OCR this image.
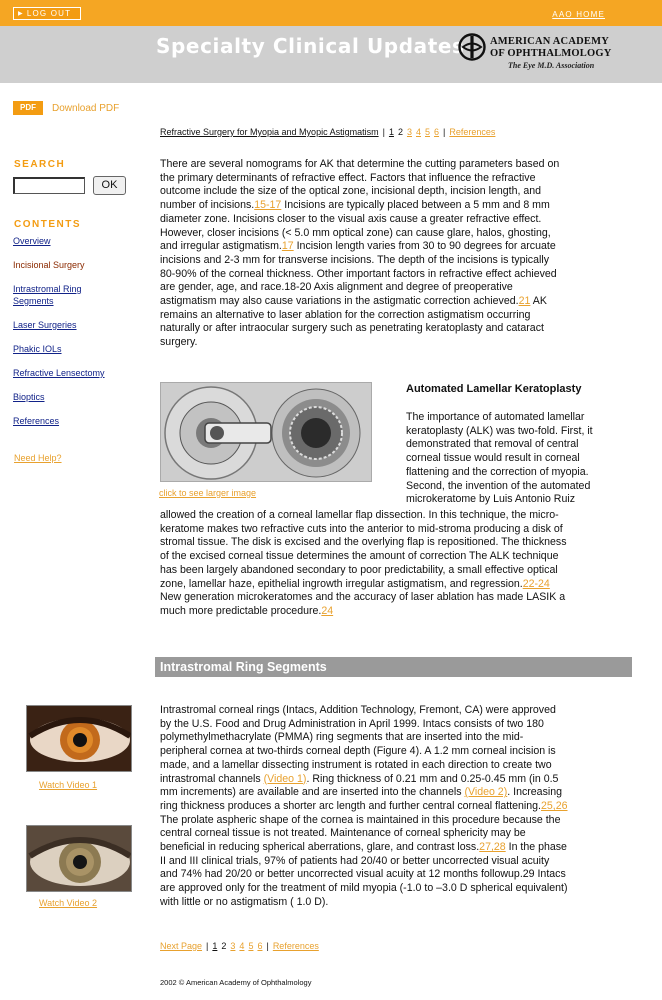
▶ LOG OUT	AAO HOME
Specialty Clinical Updates AMERICAN ACADEMY
OF OPHTHALMOLOGY
The Eye M.D. Association
PDF	Download PDF
SEARCH
OK
CONTENTS
Overview
Incisional Surgery
Intrastromal Ring Segments
Laser Surgeries
Phakic IOLs
Refractive Lensectomy
Bioptics
References
Need Help?
Refractive Surgery for Myopia and Myopic Astigmatism | 1 2 3 4 5 6 | References
There are several nomograms for AK that determine the cutting parameters based on
the primary determinants of refractive effect. Factors that influence the refractive
outcome include the size of the optical zone, incisional depth, incision length, and
number of incisions.15-17 Incisions are typically placed between a 5 mm and 8 mm
diameter zone. Incisions closer to the visual axis cause a greater refractive effect.
However, closer incisions (< 5.0 mm optical zone) can cause glare, halos, ghosting,
and irregular astigmatism.17 Incision length varies from 30 to 90 degrees for arcuate
incisions and 2-3 mm for transverse incisions. The depth of the incisions is typically
80-90% of the corneal thickness. Other important factors in refractive effect achieved
are gender, age, and race.18-20 Axis alignment and degree of preoperative
astigmatism may also cause variations in the astigmatic correction achieved.21 AK
remains an alternative to laser ablation for the correction astigmatism occurring
naturally or after intraocular surgery such as penetrating keratoplasty and cataract
surgery.
click to see larger image
Automated Lamellar Keratoplasty
The importance of automated lamellar
keratoplasty (ALK) was two-fold. First, it
demonstrated that removal of central
corneal tissue would result in corneal
flattening and the correction of myopia.
Second, the invention of the automated
microkeratome by Luis Antonio Ruiz
allowed the creation of a corneal lamellar flap dissection. In this technique, the micro-
keratome makes two refractive cuts into the anterior to mid-stroma producing a disk of
stromal tissue. The disk is excised and the overlying flap is repositioned. The thickness
of the excised corneal tissue determines the amount of correction The ALK technique
has been largely abandoned secondary to poor predictability, a small effective optical
zone, lamellar haze, epithelial ingrowth irregular astigmatism, and regression.22-24
New generation microkeratomes and the accuracy of laser ablation has made LASIK a
much more predictable procedure.24
Intrastromal Ring Segments
Watch Video 1
Watch Video 2
Intrastromal corneal rings (Intacs, Addition Technology, Fremont, CA) were approved
by the U.S. Food and Drug Administration in April 1999. Intacs consists of two 180
polymethylmethacrylate (PMMA) ring segments that are inserted into the mid-
peripheral cornea at two-thirds corneal depth (Figure 4). A 1.2 mm corneal incision is
made, and a lamellar dissecting instrument is rotated in each direction to create two
intrastromal channels (Video 1). Ring thickness of 0.21 mm and 0.25-0.45 mm (in 0.5
mm increments) are available and are inserted into the channels (Video 2). Increasing
ring thickness produces a shorter arc length and further central corneal flattening.25,26
The prolate aspheric shape of the cornea is maintained in this procedure because the
central corneal tissue is not treated. Maintenance of corneal sphericity may be
beneficial in reducing spherical aberrations, glare, and contrast loss.27,28 In the phase
II and III clinical trials, 97% of patients had 20/40 or better uncorrected visual acuity
and 74% had 20/20 or better uncorrected visual acuity at 12 months followup.29 Intacs
are approved only for the treatment of mild myopia (-1.0 to –3.0 D spherical equivalent)
with little or no astigmatism ( 1.0 D).
Next Page | 1 2 3 4 5 6 | References
2002 © American Academy of Ophthalmology
